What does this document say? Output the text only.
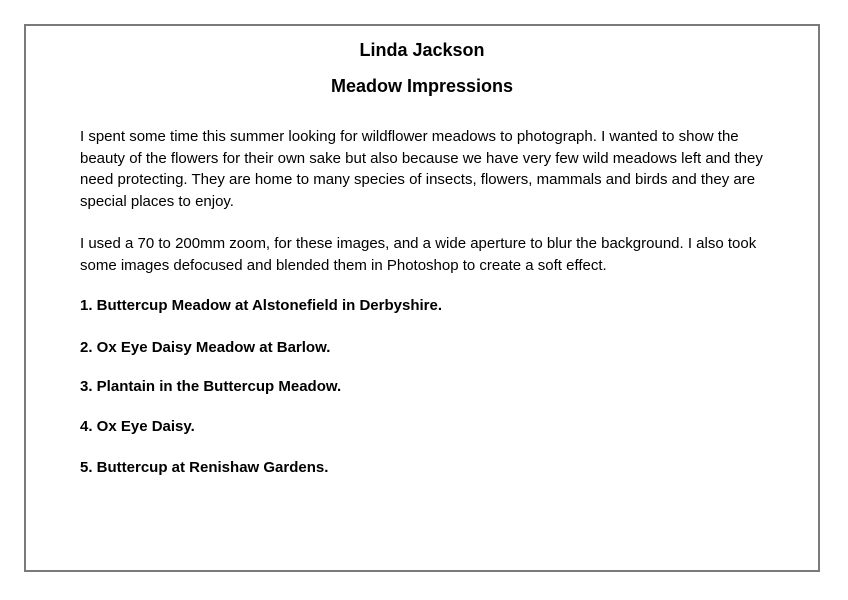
Linda Jackson
Meadow Impressions

I spent some time this summer looking for wildflower meadows to photograph. I wanted to show the beauty of the flowers for their own sake but also because we have very few wild meadows left and they need protecting. They are home to many species of insects, flowers, mammals and birds and they are special places to enjoy.

I used a 70 to 200mm zoom, for these images, and a wide aperture to blur the background. I also took some images defocused and blended them in Photoshop to create a soft effect.

1. Buttercup Meadow at Alstonefield in Derbyshire.
2. Ox Eye Daisy Meadow at Barlow.
3. Plantain in the Buttercup Meadow.
4. Ox Eye Daisy.
5. Buttercup at Renishaw Gardens.
